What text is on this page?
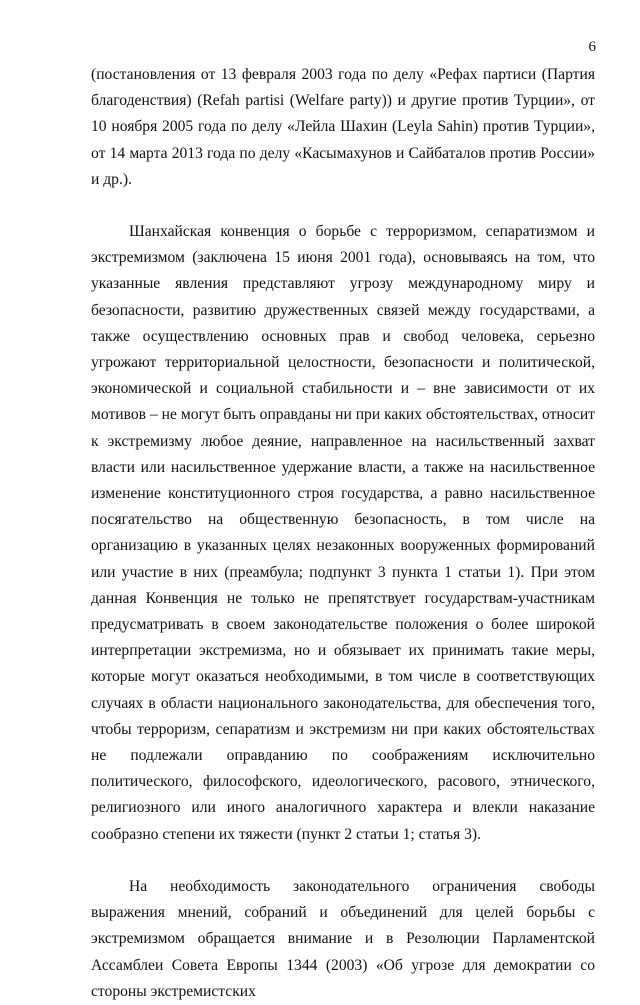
6

(постановления от 13 февраля 2003 года по делу «Рефах партиси (Партия благоденствия) (Refah partisi (Welfare party)) и другие против Турции», от 10 ноября 2005 года по делу «Лейла Шахин (Leyla Sahin) против Турции», от 14 марта 2013 года по делу «Касымахунов и Сайбаталов против России» и др.).

Шанхайская конвенция о борьбе с терроризмом, сепаратизмом и экстремизмом (заключена 15 июня 2001 года), основываясь на том, что указанные явления представляют угрозу международному миру и безопасности, развитию дружественных связей между государствами, а также осуществлению основных прав и свобод человека, серьезно угрожают территориальной целостности, безопасности и политической, экономической и социальной стабильности и – вне зависимости от их мотивов – не могут быть оправданы ни при каких обстоятельствах, относит к экстремизму любое деяние, направленное на насильственный захват власти или насильственное удержание власти, а также на насильственное изменение конституционного строя государства, а равно насильственное посягательство на общественную безопасность, в том числе на организацию в указанных целях незаконных вооруженных формирований или участие в них (преамбула; подпункт 3 пункта 1 статьи 1). При этом данная Конвенция не только не препятствует государствам-участникам предусматривать в своем законодательстве положения о более широкой интерпретации экстремизма, но и обязывает их принимать такие меры, которые могут оказаться необходимыми, в том числе в соответствующих случаях в области национального законодательства, для обеспечения того, чтобы терроризм, сепаратизм и экстремизм ни при каких обстоятельствах не подлежали оправданию по соображениям исключительно политического, философского, идеологического, расового, этнического, религиозного или иного аналогичного характера и влекли наказание сообразно степени их тяжести (пункт 2 статьи 1; статья 3).

На необходимость законодательного ограничения свободы выражения мнений, собраний и объединений для целей борьбы с экстремизмом обращается внимание и в Резолюции Парламентской Ассамблеи Совета Европы 1344 (2003) «Об угрозе для демократии со стороны экстремистских
